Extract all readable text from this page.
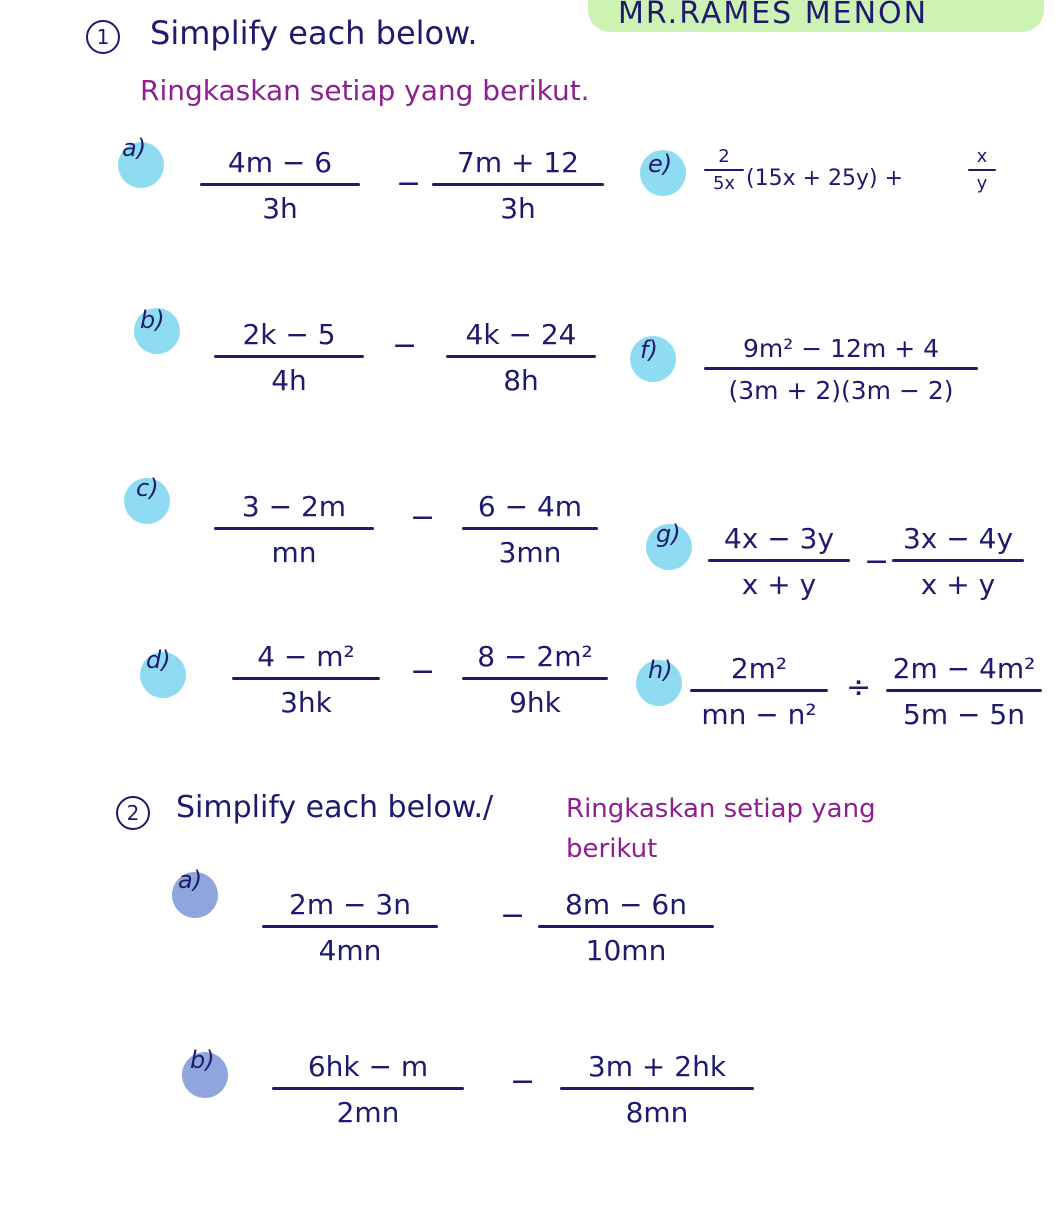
MR.RAMES MENON
1	Simplify each below.
Ringkaskan setiap yang berikut.
a)	4m − 6
3h
−
7m + 12
3h
e)	2
5x (15x + 25y) +
x
y
b)	2k − 5
4h
− 4k − 24
8h
f)	9m² − 12m + 4
(3m + 2)(3m − 2)
c)
3 − 2m
mn
− 6 − 4m
3mn
g) 4x − 3y
x + y
−
3x − 4y
x + y
d)	4 − m²
3hk
− 8 − 2m²
9hk
h) 2m²
mn − n²
÷
2m − 4m²
5m − 5n
2	Simplify each below./	Ringkaskan setiap yang
berikut
a)
2m − 3n
4mn
− 8m − 6n
10mn
b)	6hk − m
2mn
− 3m + 2hk
8mn
